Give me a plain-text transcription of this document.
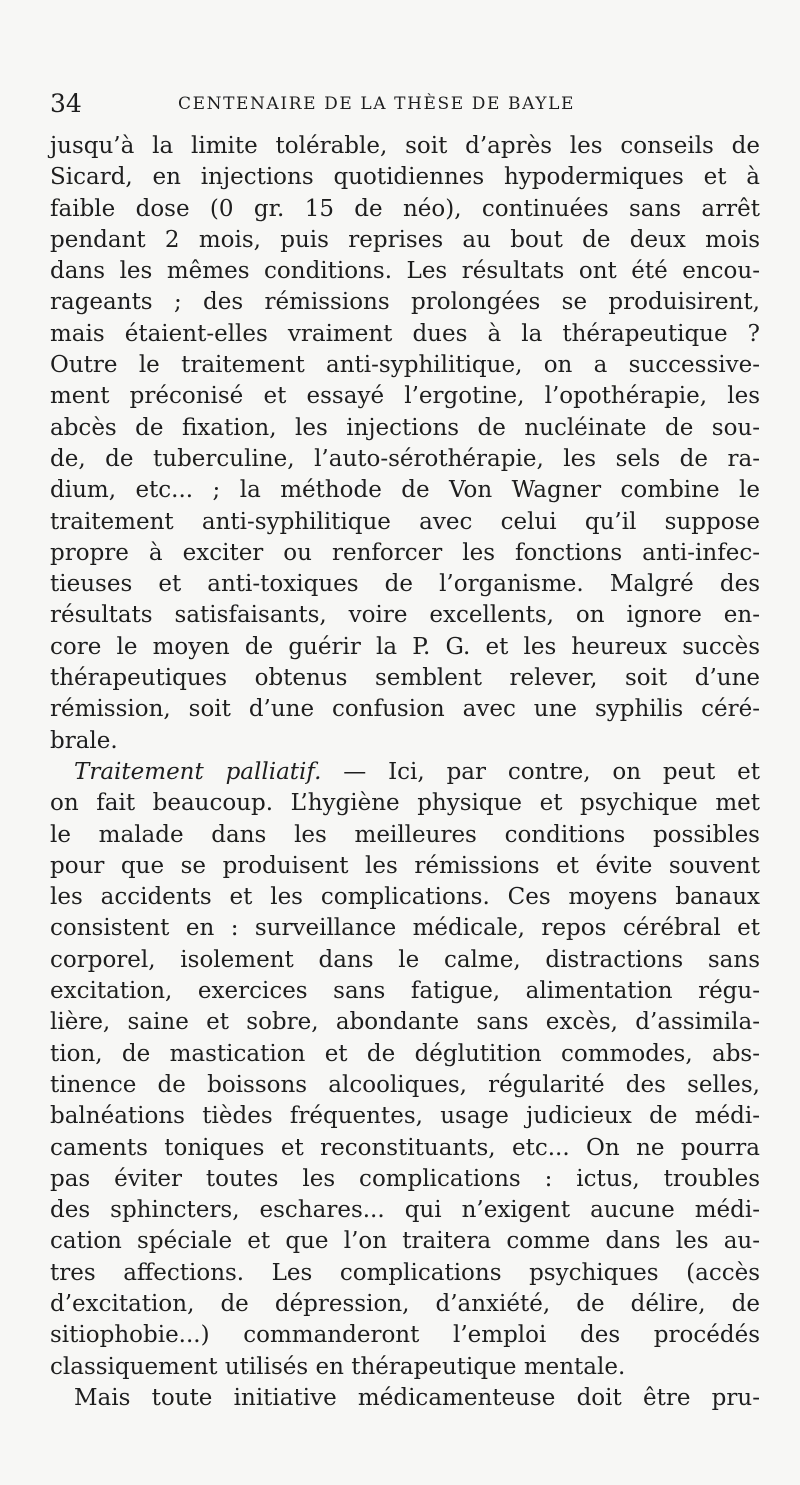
34	CENTENAIRE DE LA THÈSE DE BAYLE
jusqu’à la limite tolérable, soit d’après les conseils de
Sicard, en injections quotidiennes hypodermiques et à
faible dose (0 gr. 15 de néo), continuées sans arrêt
pendant 2 mois, puis reprises au bout de deux mois
dans les mêmes conditions. Les résultats ont été encou-
rageants ; des rémissions prolongées se produisirent,
mais étaient-elles vraiment dues à la thérapeutique ?
Outre le traitement anti-syphilitique, on a successive-
ment préconisé et essayé l’ergotine, l’opothérapie, les
abcès de fixation, les injections de nucléinate de sou-
de, de tuberculine, l’auto-sérothérapie, les sels de ra-
dium, etc... ; la méthode de Von Wagner combine le
traitement anti-syphilitique avec celui qu’il suppose
propre à exciter ou renforcer les fonctions anti-infec-
tieuses et anti-toxiques de l’organisme. Malgré des
résultats satisfaisants, voire excellents, on ignore en-
core le moyen de guérir la P. G. et les heureux succès
thérapeutiques obtenus semblent relever, soit d’une
rémission, soit d’une confusion avec une syphilis céré-
brale.
Traitement palliatif. — Ici, par contre, on peut et
on fait beaucoup. L’hygiène physique et psychique met
le malade dans les meilleures conditions possibles
pour que se produisent les rémissions et évite souvent
les accidents et les complications. Ces moyens banaux
consistent en : surveillance médicale, repos cérébral et
corporel, isolement dans le calme, distractions sans
excitation, exercices sans fatigue, alimentation régu-
lière, saine et sobre, abondante sans excès, d’assimila-
tion, de mastication et de déglutition commodes, abs-
tinence de boissons alcooliques, régularité des selles,
balnéations tièdes fréquentes, usage judicieux de médi-
caments toniques et reconstituants, etc... On ne pourra
pas éviter toutes les complications : ictus, troubles
des sphincters, eschares... qui n’exigent aucune médi-
cation spéciale et que l’on traitera comme dans les au-
tres affections. Les complications psychiques (accès
d’excitation, de dépression, d’anxiété, de délire, de
sitiophobie...) commanderont l’emploi des procédés
classiquement utilisés en thérapeutique mentale.
Mais toute initiative médicamenteuse doit être pru-
